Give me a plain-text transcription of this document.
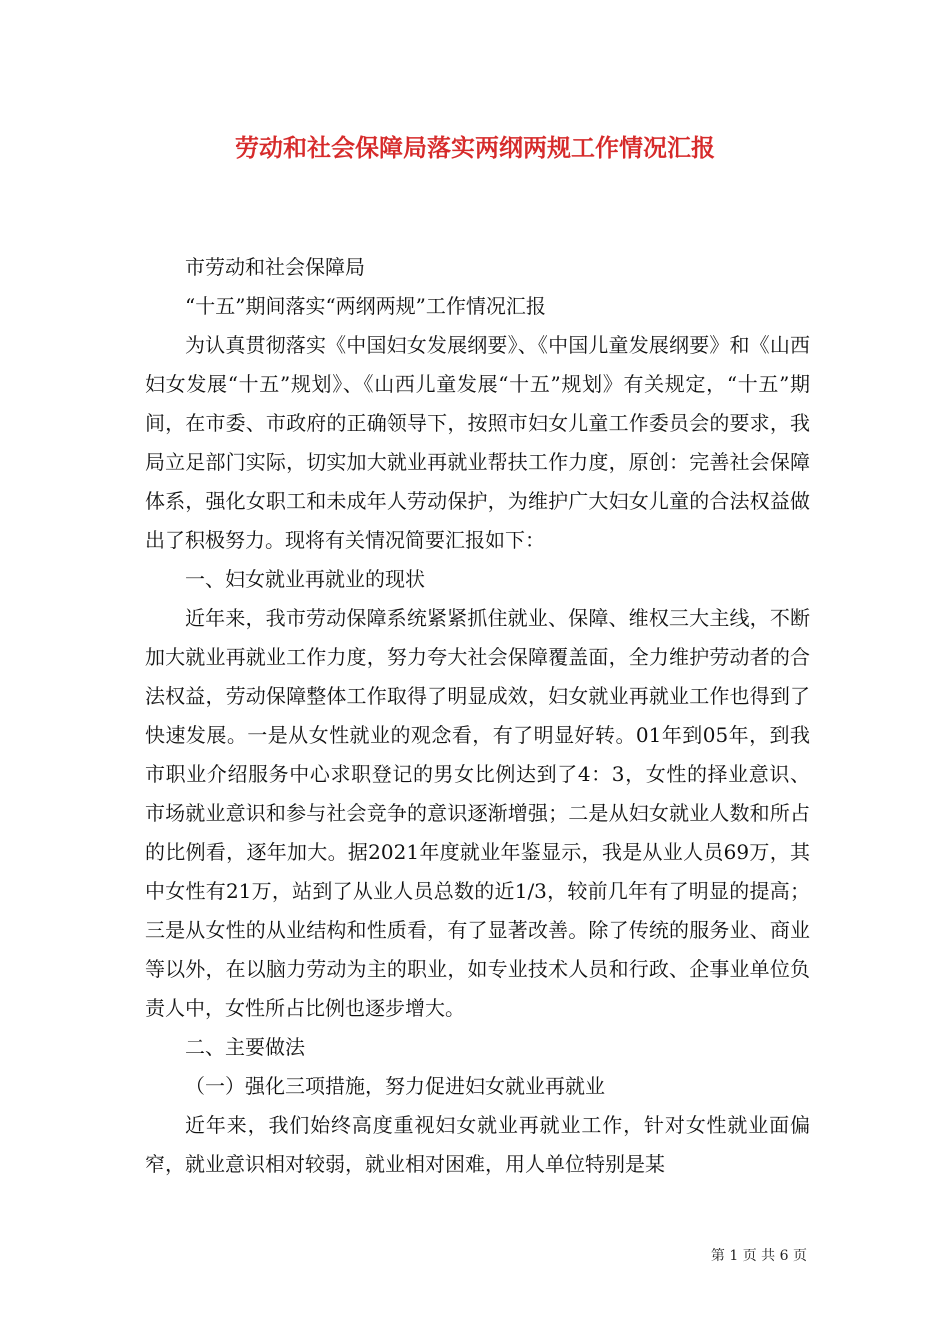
劳动和社会保障局落实两纲两规工作情况汇报

市劳动和社会保障局

“十五”期间落实“两纲两规”工作情况汇报

为认真贯彻落实《中国妇女发展纲要》、《中国儿童发展纲要》和《山西妇女发展“十五”规划》、《山西儿童发展“十五”规划》有关规定，“十五”期间，在市委、市政府的正确领导下，按照市妇女儿童工作委员会的要求，我局立足部门实际，切实加大就业再就业帮扶工作力度，原创：完善社会保障体系，强化女职工和未成年人劳动保护，为维护广大妇女儿童的合法权益做出了积极努力。现将有关情况简要汇报如下：

一、妇女就业再就业的现状

近年来，我市劳动保障系统紧紧抓住就业、保障、维权三大主线，不断加大就业再就业工作力度，努力夸大社会保障覆盖面，全力维护劳动者的合法权益，劳动保障整体工作取得了明显成效，妇女就业再就业工作也得到了快速发展。一是从女性就业的观念看，有了明显好转。01年到05年，到我市职业介绍服务中心求职登记的男女比例达到了4：3，女性的择业意识、市场就业意识和参与社会竞争的意识逐渐增强；二是从妇女就业人数和所占的比例看，逐年加大。据2021年度就业年鉴显示，我是从业人员69万，其中女性有21万，站到了从业人员总数的近1/3，较前几年有了明显的提高；三是从女性的从业结构和性质看，有了显著改善。除了传统的服务业、商业等以外，在以脑力劳动为主的职业，如专业技术人员和行政、企事业单位负责人中，女性所占比例也逐步增大。

二、主要做法

（一）强化三项措施，努力促进妇女就业再就业

近年来，我们始终高度重视妇女就业再就业工作，针对女性就业面偏窄，就业意识相对较弱，就业相对困难，用人单位特别是某

第 1 页 共 6 页
